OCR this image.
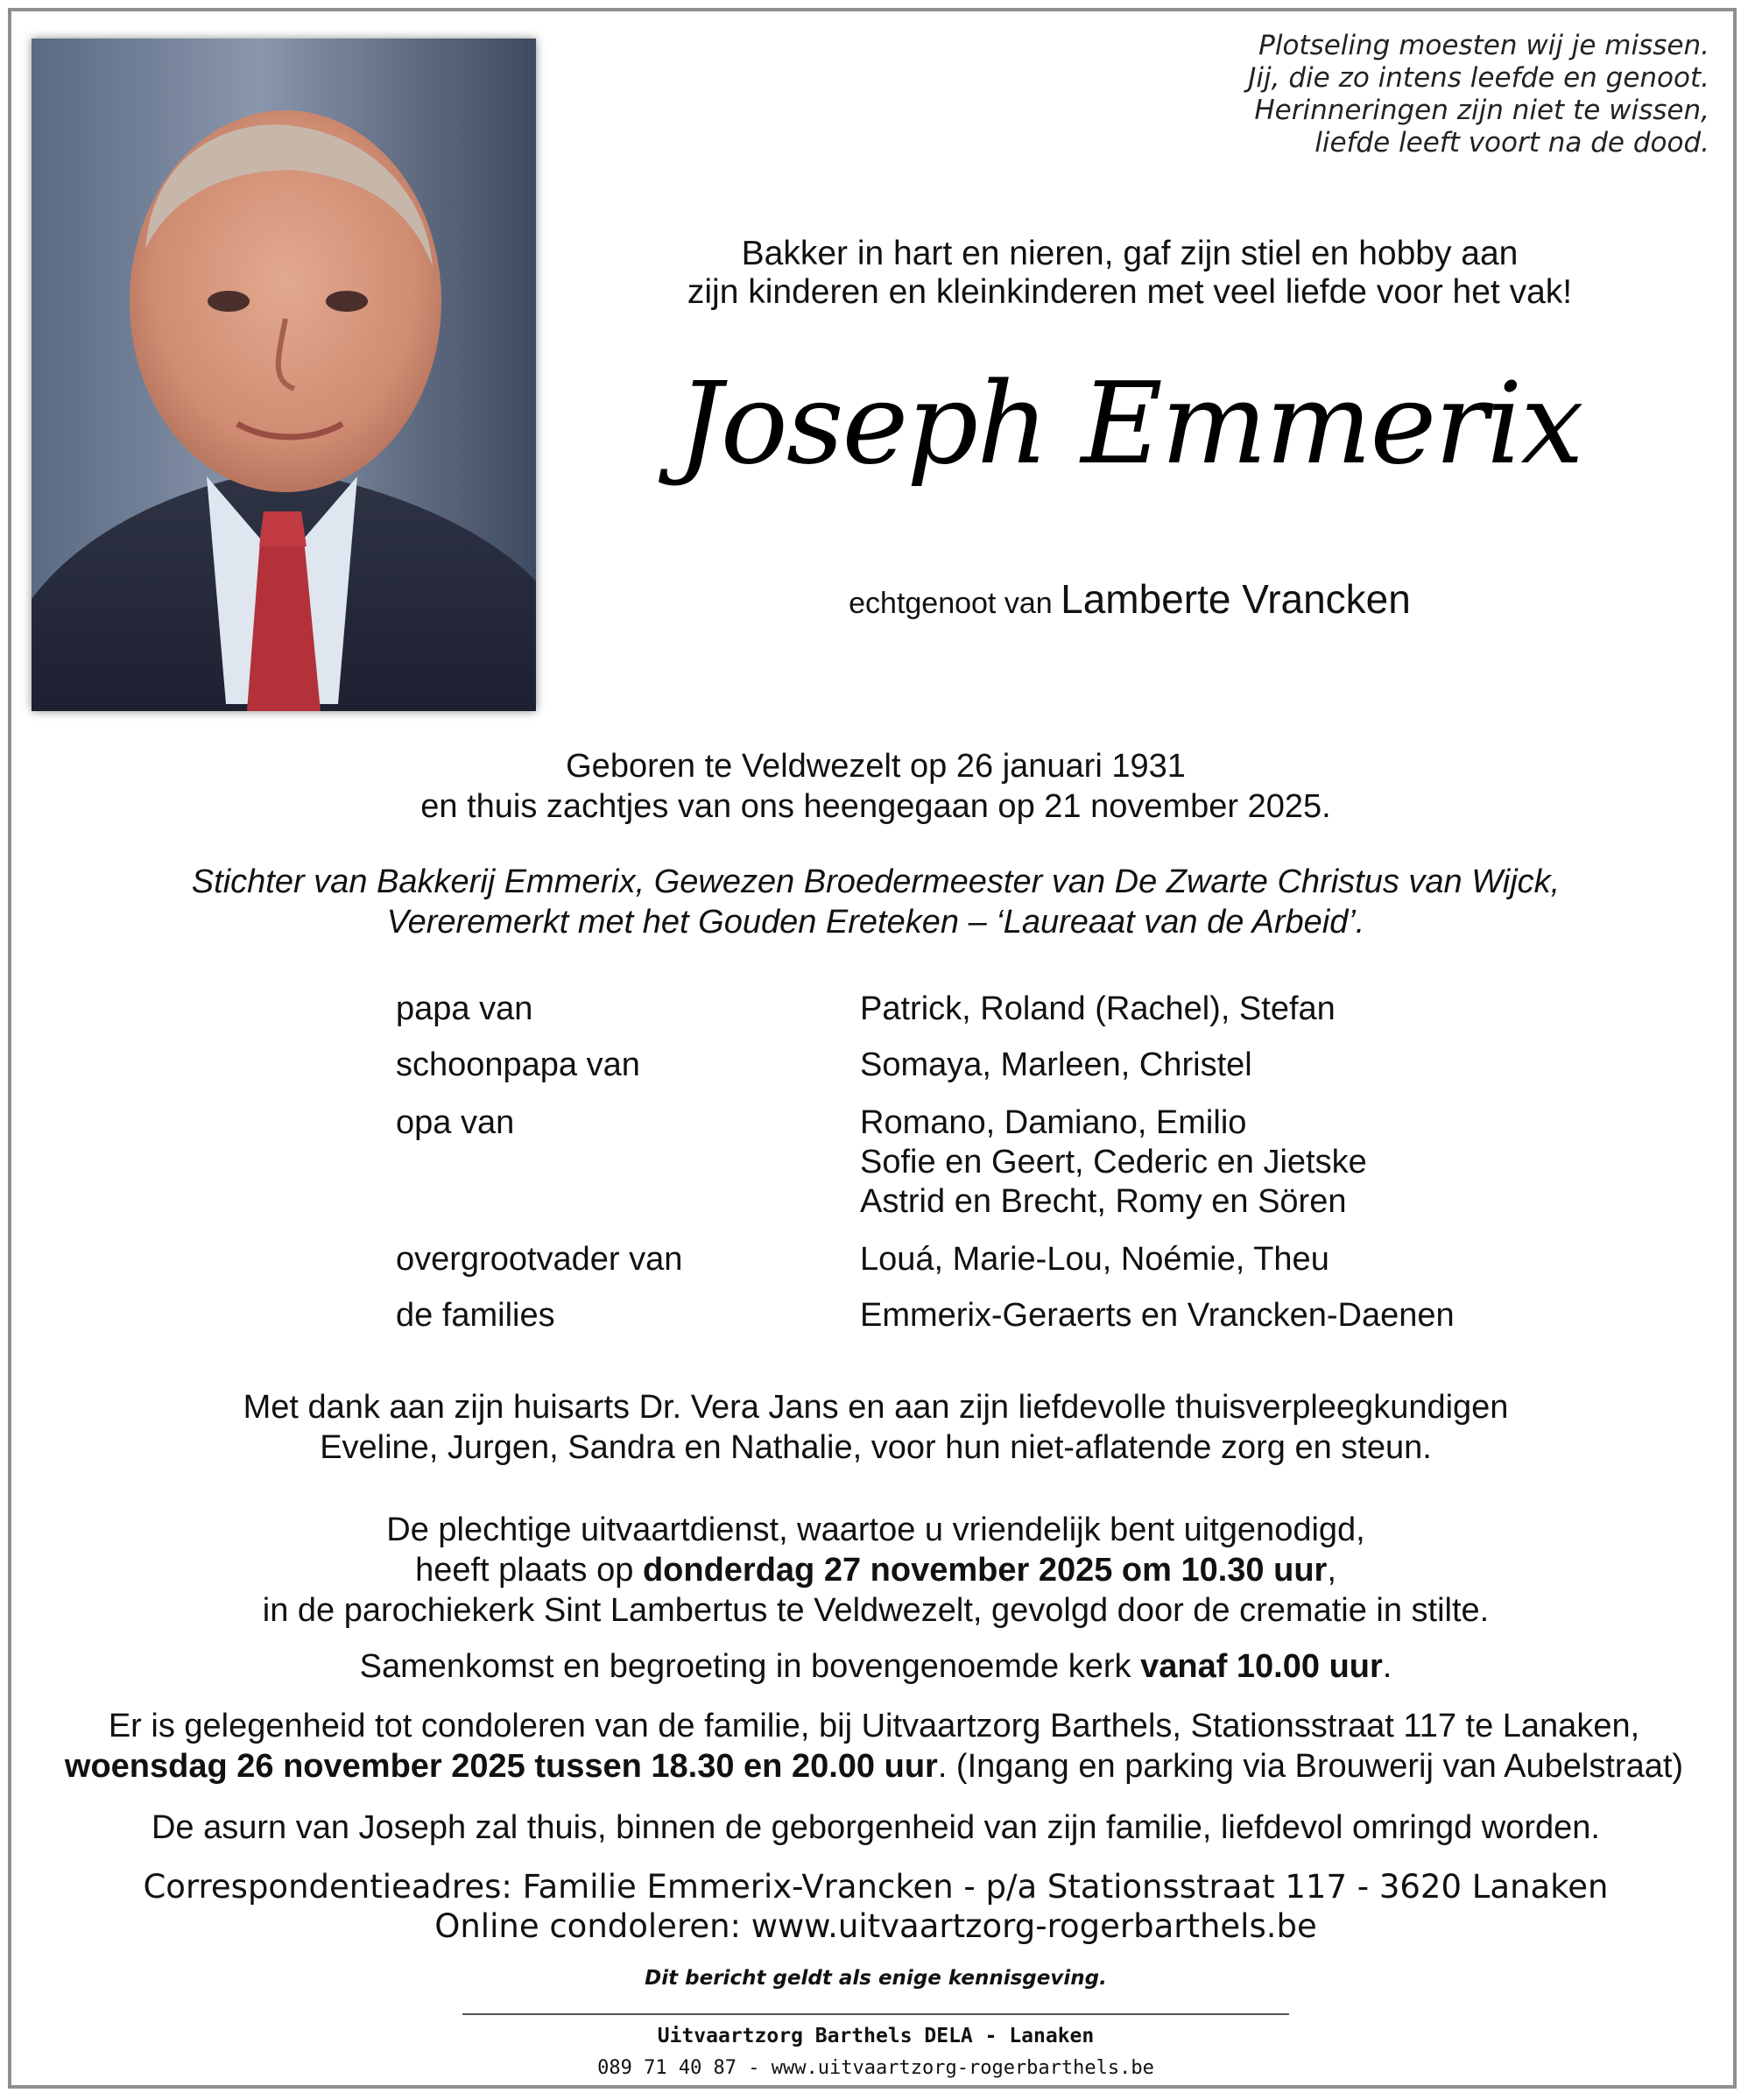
Plotseling moesten wij je missen.
Jij, die zo intens leefde en genoot.
Herinneringen zijn niet te wissen,
liefde leeft voort na de dood.
Bakker in hart en nieren, gaf zijn stiel en hobby aan
zijn kinderen en kleinkinderen met veel liefde voor het vak!
Joseph Emmerix
echtgenoot van Lamberte Vrancken
Geboren te Veldwezelt op 26 januari 1931
en thuis zachtjes van ons heengegaan op 21 november 2025.
Stichter van Bakkerij Emmerix, Gewezen Broedermeester van De Zwarte Christus van Wijck,
Vereremerkt met het Gouden Ereteken – ‘Laureaat van de Arbeid’.
papa van	Patrick, Roland (Rachel), Stefan
schoonpapa van	Somaya, Marleen, Christel
opa van	Romano, Damiano, Emilio
Sofie en Geert, Cederic en Jietske
Astrid en Brecht, Romy en Sören
overgrootvader van	Louá, Marie-Lou, Noémie, Theu
de families	Emmerix-Geraerts en Vrancken-Daenen
Met dank aan zijn huisarts Dr. Vera Jans en aan zijn liefdevolle thuisverpleegkundigen
Eveline, Jurgen, Sandra en Nathalie, voor hun niet-aflatende zorg en steun.
De plechtige uitvaartdienst, waartoe u vriendelijk bent uitgenodigd,
heeft plaats op donderdag 27 november 2025 om 10.30 uur,
in de parochiekerk Sint Lambertus te Veldwezelt, gevolgd door de crematie in stilte.
Samenkomst en begroeting in bovengenoemde kerk vanaf 10.00 uur.
Er is gelegenheid tot condoleren van de familie, bij Uitvaartzorg Barthels, Stationsstraat 117 te Lanaken,
woensdag 26 november 2025 tussen 18.30 en 20.00 uur. (Ingang en parking via Brouwerij van Aubelstraat)
De asurn van Joseph zal thuis, binnen de geborgenheid van zijn familie, liefdevol omringd worden.
Correspondentieadres: Familie Emmerix-Vrancken - p/a Stationsstraat 117 - 3620 Lanaken
Online condoleren: www.uitvaartzorg-rogerbarthels.be
Dit bericht geldt als enige kennisgeving.
Uitvaartzorg Barthels DELA - Lanaken
089 71 40 87 - www.uitvaartzorg-rogerbarthels.be
